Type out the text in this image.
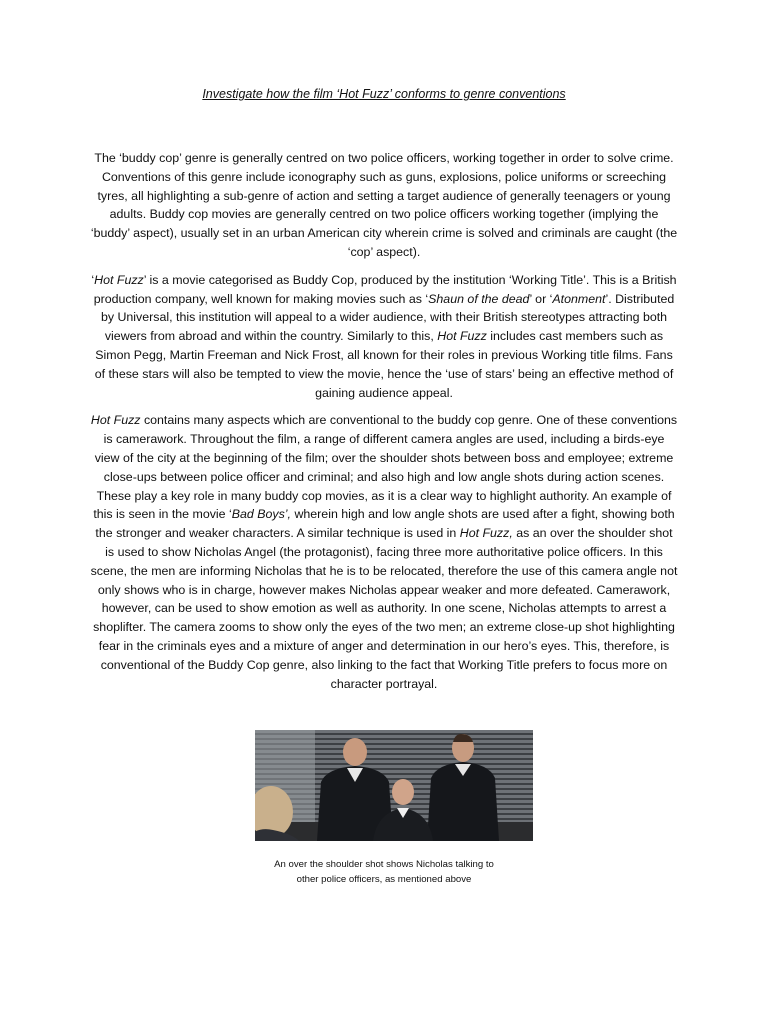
Investigate how the film ‘Hot Fuzz’ conforms to genre conventions

The ‘buddy cop’ genre is generally centred on two police officers, working together in order to solve crime. Conventions of this genre include iconography such as guns, explosions, police uniforms or screeching tyres, all highlighting a sub-genre of action and setting a target audience of generally teenagers or young adults. Buddy cop movies are generally centred on two police officers working together (implying the ‘buddy’ aspect), usually set in an urban American city wherein crime is solved and criminals are caught (the ‘cop’ aspect).

‘Hot Fuzz’ is a movie categorised as Buddy Cop, produced by the institution ‘Working Title’. This is a British production company, well known for making movies such as ‘Shaun of the dead’ or ‘Atonment’. Distributed by Universal, this institution will appeal to a wider audience, with their British stereotypes attracting both viewers from abroad and within the country. Similarly to this, Hot Fuzz includes cast members such as Simon Pegg, Martin Freeman and Nick Frost, all known for their roles in previous Working title films. Fans of these stars will also be tempted to view the movie, hence the ‘use of stars’ being an effective method of gaining audience appeal.

Hot Fuzz contains many aspects which are conventional to the buddy cop genre. One of these conventions is camerawork. Throughout the film, a range of different camera angles are used, including a birds-eye view of the city at the beginning of the film; over the shoulder shots between boss and employee; extreme close-ups between police officer and criminal; and also high and low angle shots during action scenes. These play a key role in many buddy cop movies, as it is a clear way to highlight authority. An example of this is seen in the movie ‘Bad Boys’, wherein high and low angle shots are used after a fight, showing both the stronger and weaker characters. A similar technique is used in Hot Fuzz, as an over the shoulder shot is used to show Nicholas Angel (the protagonist), facing three more authoritative police officers. In this scene, the men are informing Nicholas that he is to be relocated, therefore the use of this camera angle not only shows who is in charge, however makes Nicholas appear weaker and more defeated. Camerawork, however, can be used to show emotion as well as authority. In one scene, Nicholas attempts to arrest a shoplifter. The camera zooms to show only the eyes of the two men; an extreme close-up shot highlighting fear in the criminals eyes and a mixture of anger and determination in our hero’s eyes. This, therefore, is conventional of the Buddy Cop genre, also linking to the fact that Working Title prefers to focus more on character portrayal.

An over the shoulder shot shows Nicholas talking to
other police officers, as mentioned above
